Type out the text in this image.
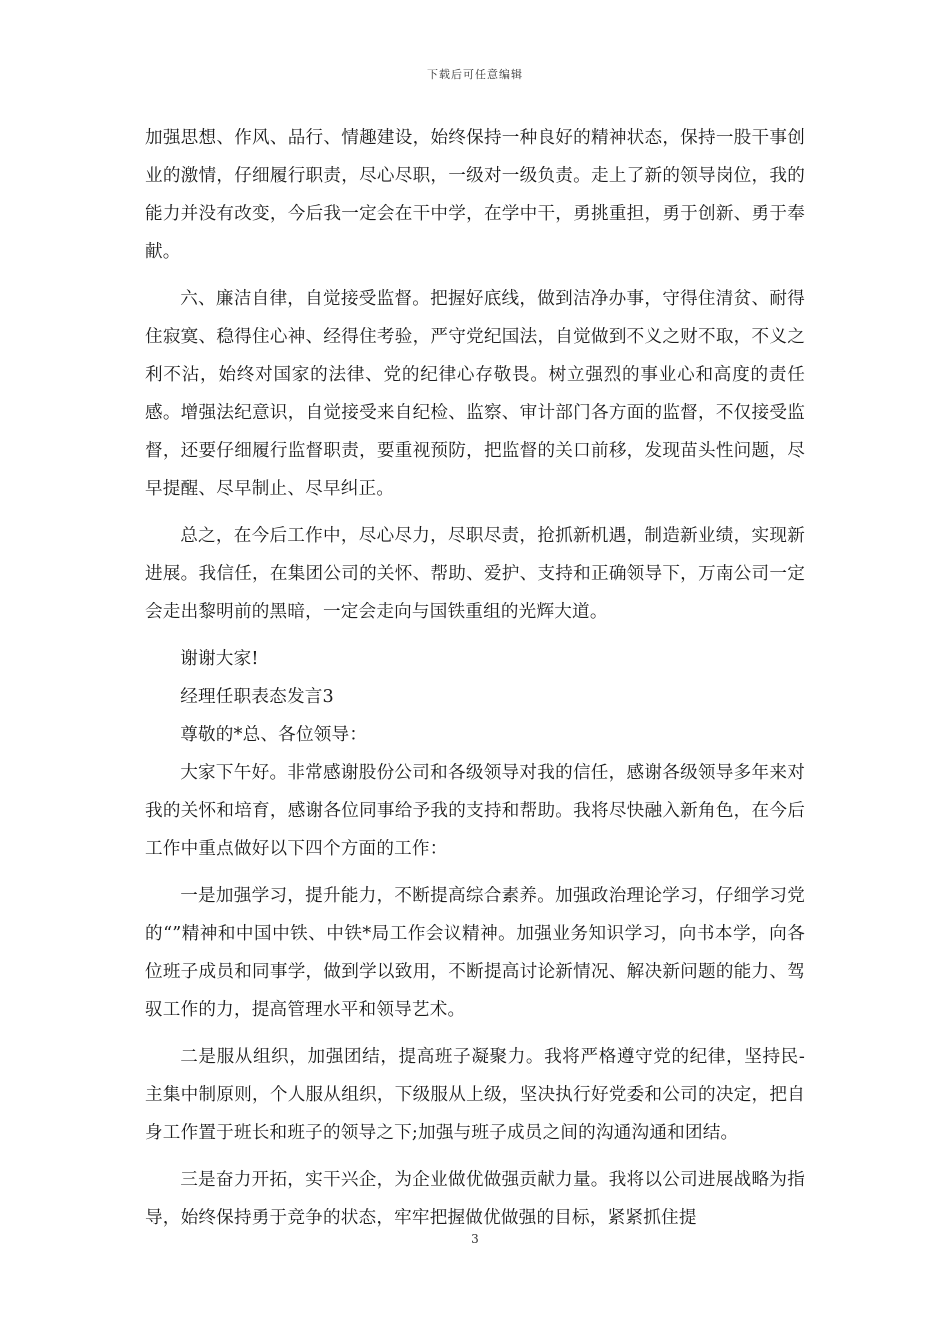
下载后可任意编辑

加强思想、作风、品行、情趣建设，始终保持一种良好的精神状态，保持一股干事创业的激情，仔细履行职责，尽心尽职，一级对一级负责。走上了新的领导岗位，我的能力并没有改变，今后我一定会在干中学，在学中干，勇挑重担，勇于创新、勇于奉献。

六、廉洁自律，自觉接受监督。把握好底线，做到洁净办事，守得住清贫、耐得住寂寞、稳得住心神、经得住考验，严守党纪国法，自觉做到不义之财不取，不义之利不沾，始终对国家的法律、党的纪律心存敬畏。树立强烈的事业心和高度的责任感。增强法纪意识，自觉接受来自纪检、监察、审计部门各方面的监督，不仅接受监督，还要仔细履行监督职责，要重视预防，把监督的关口前移，发现苗头性问题，尽早提醒、尽早制止、尽早纠正。

总之，在今后工作中，尽心尽力，尽职尽责，抢抓新机遇，制造新业绩，实现新进展。我信任，在集团公司的关怀、帮助、爱护、支持和正确领导下，万南公司一定会走出黎明前的黑暗，一定会走向与国铁重组的光辉大道。

谢谢大家!

经理任职表态发言3

尊敬的*总、各位领导：

大家下午好。非常感谢股份公司和各级领导对我的信任，感谢各级领导多年来对我的关怀和培育，感谢各位同事给予我的支持和帮助。我将尽快融入新角色，在今后工作中重点做好以下四个方面的工作：

一是加强学习，提升能力，不断提高综合素养。加强政治理论学习，仔细学习党的“”精神和中国中铁、中铁*局工作会议精神。加强业务知识学习，向书本学，向各位班子成员和同事学，做到学以致用，不断提高讨论新情况、解决新问题的能力、驾驭工作的力，提高管理水平和领导艺术。

二是服从组织，加强团结，提高班子凝聚力。我将严格遵守党的纪律，坚持民-主集中制原则，个人服从组织，下级服从上级，坚决执行好党委和公司的决定，把自身工作置于班长和班子的领导之下;加强与班子成员之间的沟通沟通和团结。

三是奋力开拓，实干兴企，为企业做优做强贡献力量。我将以公司进展战略为指导，始终保持勇于竞争的状态，牢牢把握做优做强的目标，紧紧抓住提

3
